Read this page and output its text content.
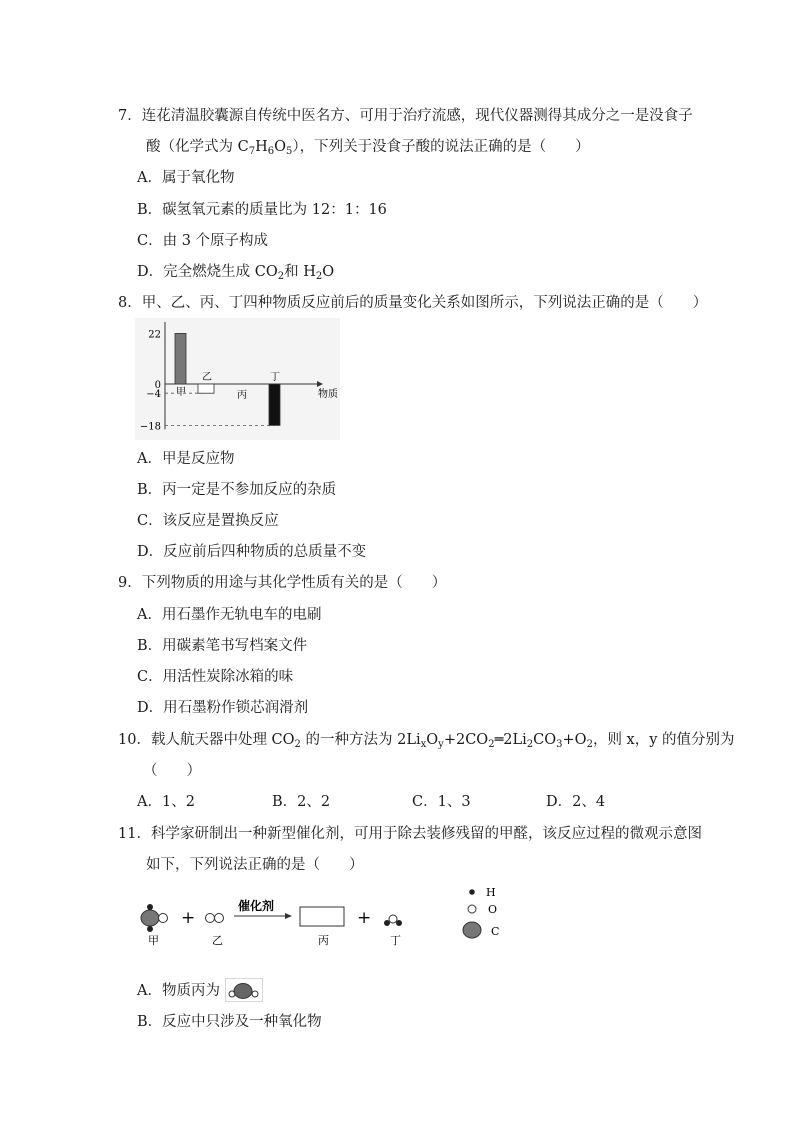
7．连花清温胶囊源自传统中医名方、可用于治疗流感，现代仪器测得其成分之一是没食子
酸（化学式为 $C_7H_6O_5$），下列关于没食子酸的说法正确的是（　　）
A．属于氧化物
B．碳氢氧元素的质量比为 12：1：16
C．由 3 个原子构成
D．完全燃烧生成 $CO_2$和 $H_2O$
8．甲、乙、丙、丁四种物质反应前后的质量变化关系如图所示，下列说法正确的是（　　）
物质
22
0
−4
−18
甲
乙
丙
丁
A．甲是反应物
B．丙一定是不参加反应的杂质
C．该反应是置换反应
D．反应前后四种物质的总质量不变
9．下列物质的用途与其化学性质有关的是（　　）
A．用石墨作无轨电车的电刷
B．用碳素笔书写档案文件
C．用活性炭除冰箱的味
D．用石墨粉作锁芯润滑剂
10．载人航天器中处理 $CO_2$ 的一种方法为 $2Li_xO_y+2CO_2═2Li_2CO_3+O_2$，则 x，y 的值分别为
（　　）
A．1、2	B．2、2	C．1、3	D．2、4
11．科学家研制出一种新型催化剂，可用于除去装修残留的甲醛，该反应过程的微观示意图
如下，下列说法正确的是（　　）
甲
+
乙
催化剂
丙
+
丁
H
O
C
A．物质丙为
B．反应中只涉及一种氧化物
